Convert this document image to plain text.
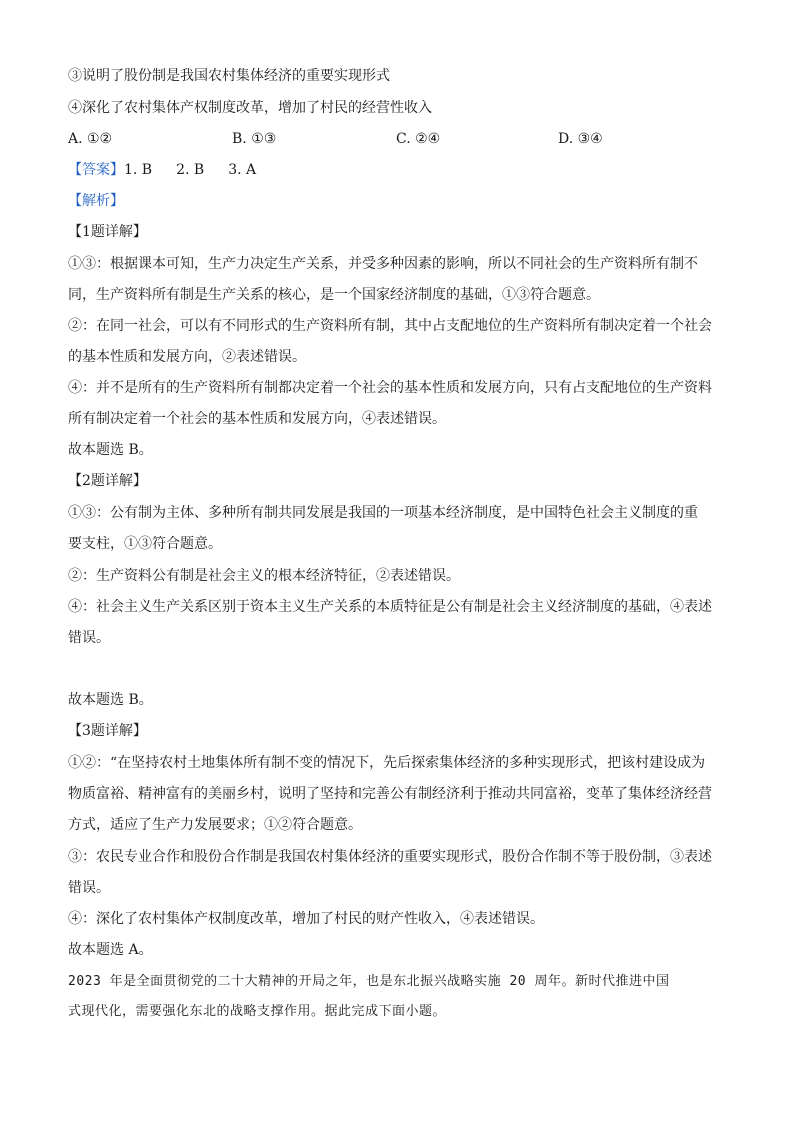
③说明了股份制是我国农村集体经济的重要实现形式
④深化了农村集体产权制度改革，增加了村民的经营性收入
A. ①②	B. ①③	C. ②④	D. ③④
【答案】1. B 2. B 3. A
【解析】
【1题详解】
①③：根据课本可知，生产力决定生产关系，并受多种因素的影响，所以不同社会的生产资料所有制不
同，生产资料所有制是生产关系的核心，是一个国家经济制度的基础，①③符合题意。
②：在同一社会，可以有不同形式的生产资料所有制，其中占支配地位的生产资料所有制决定着一个社会
的基本性质和发展方向，②表述错误。
④：并不是所有的生产资料所有制都决定着一个社会的基本性质和发展方向，只有占支配地位的生产资料
所有制决定着一个社会的基本性质和发展方向，④表述错误。
故本题选 B。
【2题详解】
①③：公有制为主体、多种所有制共同发展是我国的一项基本经济制度，是中国特色社会主义制度的重
要支柱，①③符合题意。
②：生产资料公有制是社会主义的根本经济特征，②表述错误。
④：社会主义生产关系区别于资本主义生产关系的本质特征是公有制是社会主义经济制度的基础，④表述
错误。
故本题选 B。
【3题详解】
①②：“在坚持农村土地集体所有制不变的情况下，先后探索集体经济的多种实现形式，把该村建设成为
物质富裕、精神富有的美丽乡村，说明了坚持和完善公有制经济利于推动共同富裕，变革了集体经济经营
方式，适应了生产力发展要求；①②符合题意。
③：农民专业合作和股份合作制是我国农村集体经济的重要实现形式，股份合作制不等于股份制，③表述
错误。
④：深化了农村集体产权制度改革，增加了村民的财产性收入，④表述错误。
故本题选 A。
2023 年是全面贯彻党的二十大精神的开局之年，也是东北振兴战略实施 20 周年。新时代推进中国
式现代化，需要强化东北的战略支撑作用。据此完成下面小题。
